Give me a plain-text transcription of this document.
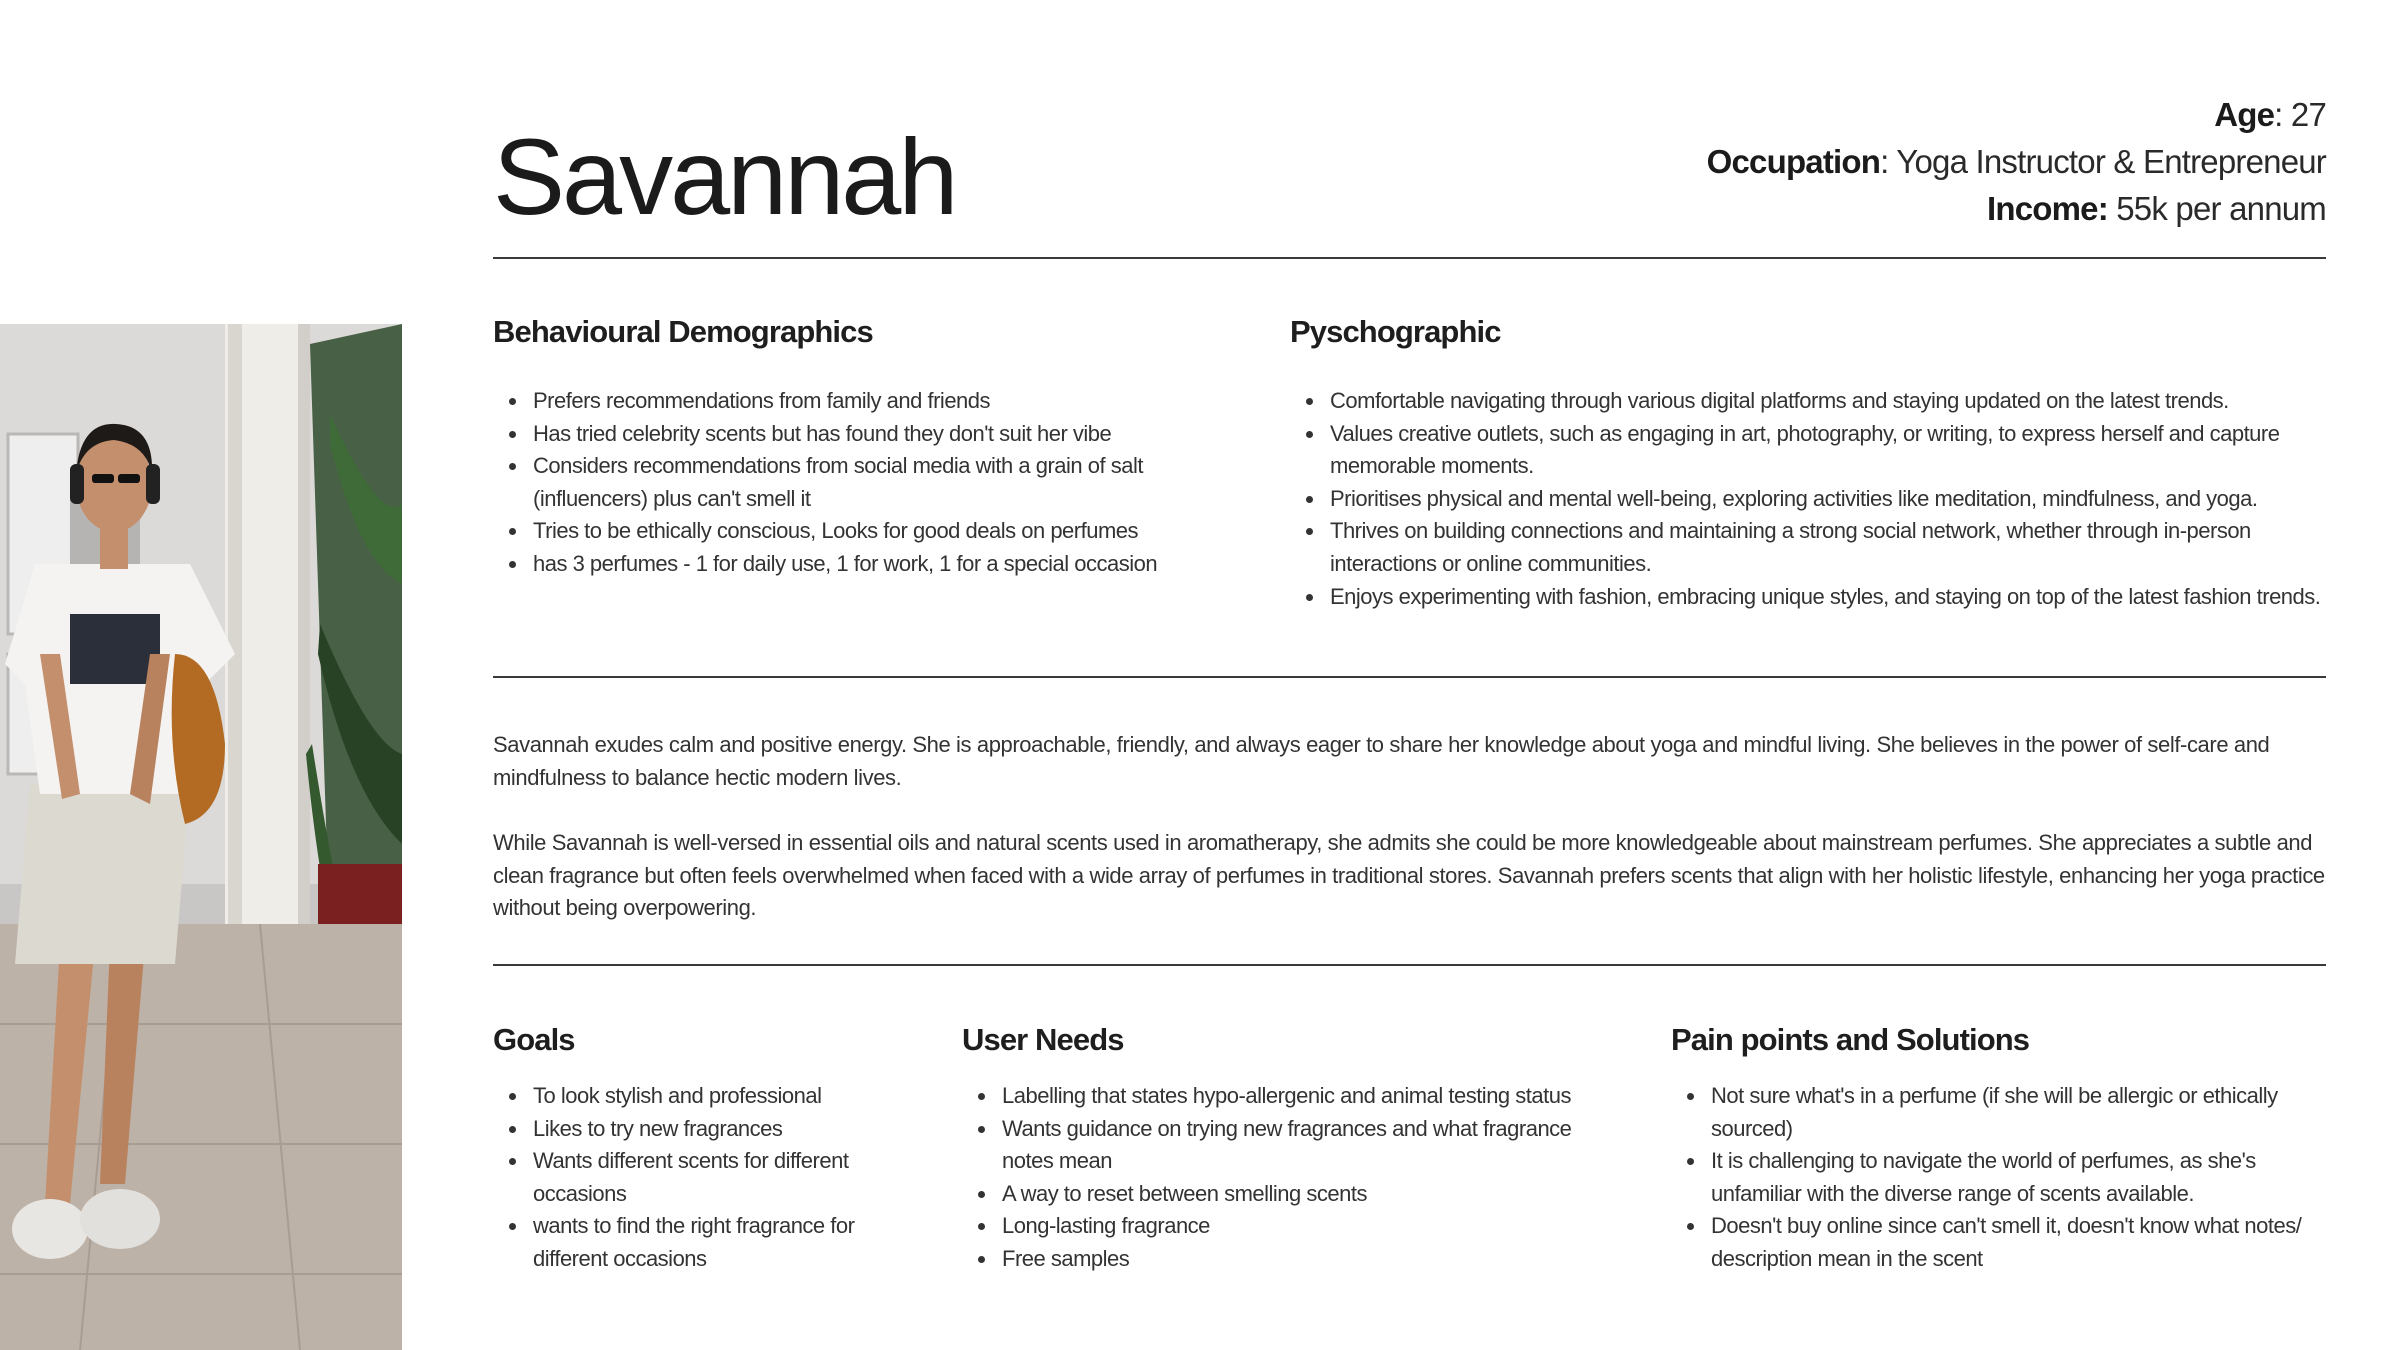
Savannah
Age: 27
Occupation: Yoga Instructor & Entrepreneur
Income: 55k per annum
Behavioural Demographics
Prefers recommendations from family and friends
Has tried celebrity scents but has found they don't suit her vibe
Considers recommendations from social media with a grain of salt (influencers) plus can't smell it
Tries to be ethically conscious, Looks for good deals on perfumes
has 3 perfumes - 1 for daily use, 1 for work, 1 for a special occasion
Pyschographic
Comfortable navigating through various digital platforms and staying updated on the latest trends.
Values creative outlets, such as engaging in art, photography, or writing, to express herself and capture memorable moments.
Prioritises physical and mental well-being, exploring activities like meditation, mindfulness, and yoga.
Thrives on building connections and maintaining a strong social network, whether through in-person interactions or online communities.
Enjoys experimenting with fashion, embracing unique styles, and staying on top of the latest fashion trends.

Savannah exudes calm and positive energy. She is approachable, friendly, and always eager to share her knowledge about yoga and mindful living. She believes in the power of self-care and mindfulness to balance hectic modern lives.

While Savannah is well-versed in essential oils and natural scents used in aromatherapy, she admits she could be more knowledgeable about mainstream perfumes. She appreciates a subtle and clean fragrance but often feels overwhelmed when faced with a wide array of perfumes in traditional stores. Savannah prefers scents that align with her holistic lifestyle, enhancing her yoga practice without being overpowering.

Goals
To look stylish and professional
Likes to try new fragrances
Wants different scents for different occasions
wants to find the right fragrance for different occasions
User Needs
Labelling that states hypo-allergenic and animal testing status
Wants guidance on trying new fragrances and what fragrance notes mean
A way to reset between smelling scents
Long-lasting fragrance
Free samples
Pain points and Solutions
Not sure what's in a perfume (if she will be allergic or ethically sourced)
It is challenging to navigate the world of perfumes, as she's unfamiliar with the diverse range of scents available.
Doesn't buy online since can't smell it, doesn't know what notes/ description mean in the scent
